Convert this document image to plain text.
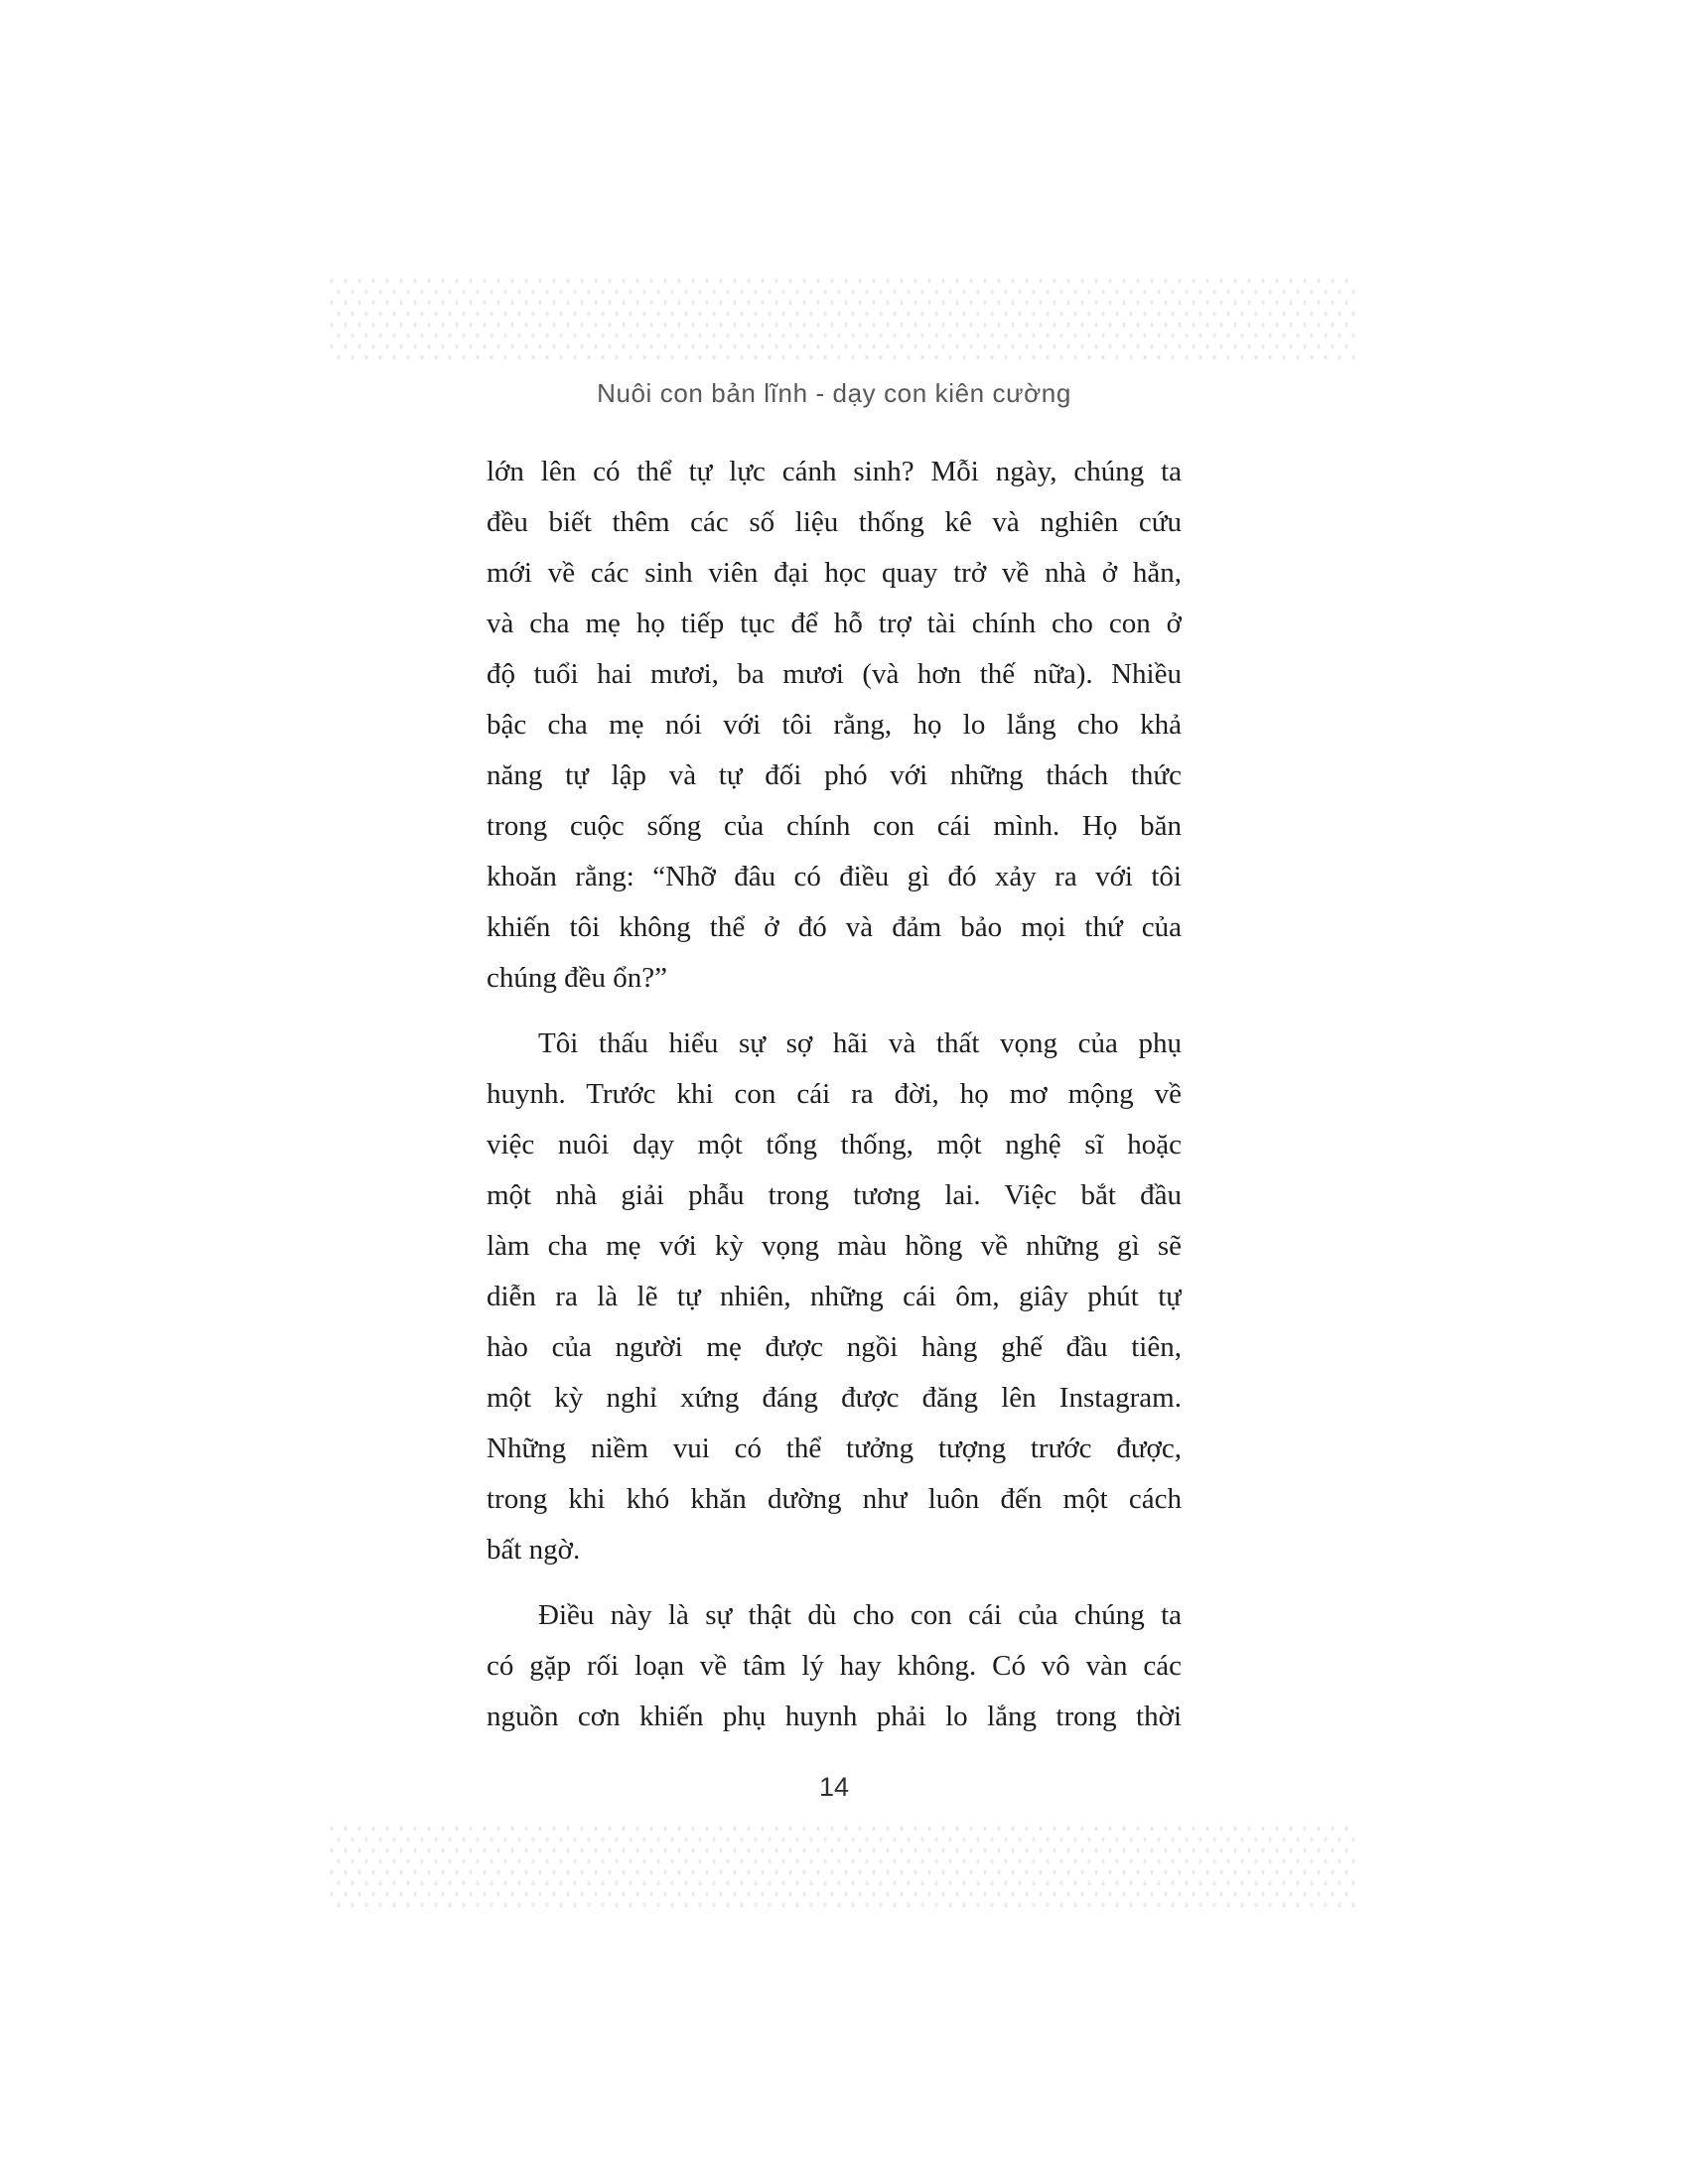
Nuôi con bản lĩnh - dạy con kiên cường
lớn lên có thể tự lực cánh sinh? Mỗi ngày, chúng ta
đều biết thêm các số liệu thống kê và nghiên cứu
mới về các sinh viên đại học quay trở về nhà ở hẳn,
và cha mẹ họ tiếp tục để hỗ trợ tài chính cho con ở
độ tuổi hai mươi, ba mươi (và hơn thế nữa). Nhiều
bậc cha mẹ nói với tôi rằng, họ lo lắng cho khả
năng tự lập và tự đối phó với những thách thức
trong cuộc sống của chính con cái mình. Họ băn
khoăn rằng: “Nhỡ đâu có điều gì đó xảy ra với tôi
khiến tôi không thể ở đó và đảm bảo mọi thứ của
chúng đều ổn?”
Tôi thấu hiểu sự sợ hãi và thất vọng của phụ
huynh. Trước khi con cái ra đời, họ mơ mộng về
việc nuôi dạy một tổng thống, một nghệ sĩ hoặc
một nhà giải phẫu trong tương lai. Việc bắt đầu
làm cha mẹ với kỳ vọng màu hồng về những gì sẽ
diễn ra là lẽ tự nhiên, những cái ôm, giây phút tự
hào của người mẹ được ngồi hàng ghế đầu tiên,
một kỳ nghỉ xứng đáng được đăng lên Instagram.
Những niềm vui có thể tưởng tượng trước được,
trong khi khó khăn dường như luôn đến một cách
bất ngờ.
Điều này là sự thật dù cho con cái của chúng ta
có gặp rối loạn về tâm lý hay không. Có vô vàn các
nguồn cơn khiến phụ huynh phải lo lắng trong thời
14
